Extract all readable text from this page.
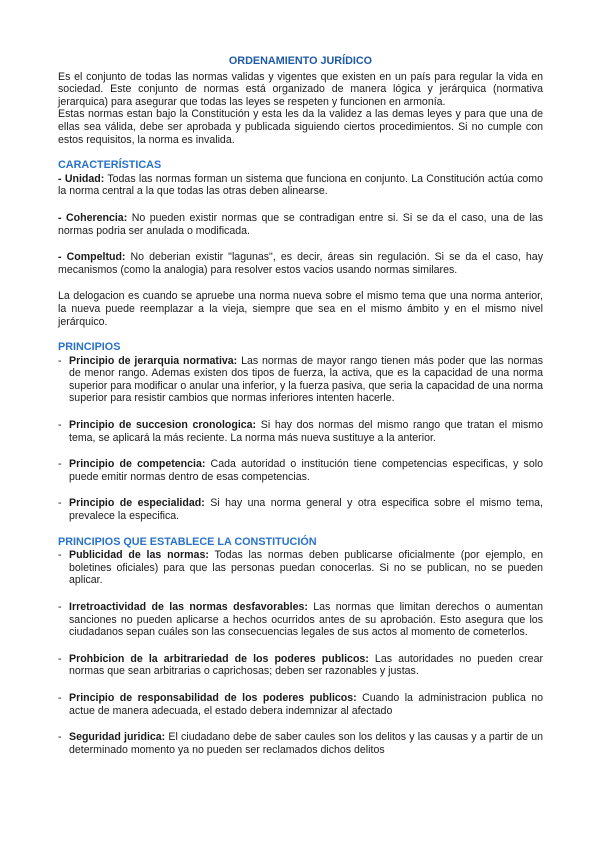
ORDENAMIENTO JURÍDICO

Es el conjunto de todas las normas validas y vigentes que existen en un país para regular la vida en sociedad. Este conjunto de normas está organizado de manera lógica y jerárquica (normativa jerarquica) para asegurar que todas las leyes se respeten y funcionen en armonía.

Estas normas estan bajo la Constitución y esta les da la validez a las demas leyes y para que una de ellas sea válida, debe ser aprobada y publicada siguiendo ciertos procedimientos. Si no cumple con estos requisitos, la norma es invalida.

CARACTERÍSTICAS

- Unidad: Todas las normas forman un sistema que funciona en conjunto. La Constitución actúa como la norma central a la que todas las otras deben alinearse.

- Coherencia: No pueden existir normas que se contradigan entre si. Si se da el caso, una de las normas podria ser anulada o modificada.

- Compeltud: No deberian existir "lagunas", es decir, áreas sin regulación. Si se da el caso, hay mecanismos (como la analogia) para resolver estos vacios usando normas similares.

La delogacion es cuando se apruebe una norma nueva sobre el mismo tema que una norma anterior, la nueva puede reemplazar a la vieja, siempre que sea en el mismo ámbito y en el mismo nivel jerárquico.

PRINCIPIOS
- Principio de jerarquia normativa: Las normas de mayor rango tienen más poder que las normas de menor rango. Ademas existen dos tipos de fuerza, la activa, que es la capacidad de una norma superior para modificar o anular una inferior, y la fuerza pasiva, que seria la capacidad de una norma superior para resistir cambios que normas inferiores intenten hacerle.
- Principio de succesion cronologica: Si hay dos normas del mismo rango que tratan el mismo tema, se aplicará la más reciente. La norma más nueva sustituye a la anterior.
- Principio de competencia: Cada autoridad o institución tiene competencias especificas, y solo puede emitir normas dentro de esas competencias.
- Principio de especialidad: Si hay una norma general y otra especifica sobre el mismo tema, prevalece la especifica.
PRINCIPIOS QUE ESTABLECE LA CONSTITUCIÓN
- Publicidad de las normas: Todas las normas deben publicarse oficialmente (por ejemplo, en boletines oficiales) para que las personas puedan conocerlas. Si no se publican, no se pueden aplicar.
- Irretroactividad de las normas desfavorables: Las normas que limitan derechos o aumentan sanciones no pueden aplicarse a hechos ocurridos antes de su aprobación. Esto asegura que los ciudadanos sepan cuáles son las consecuencias legales de sus actos al momento de cometerlos.
- Prohbicion de la arbitrariedad de los poderes publicos: Las autoridades no pueden crear normas que sean arbitrarias o caprichosas; deben ser razonables y justas.
- Principio de responsabilidad de los poderes publicos: Cuando la administracion publica no actue de manera adecuada, el estado debera indemnizar al afectado
- Seguridad juridica: El ciudadano debe de saber caules son los delitos y las causas y a partir de un determinado momento ya no pueden ser reclamados dichos delitos
